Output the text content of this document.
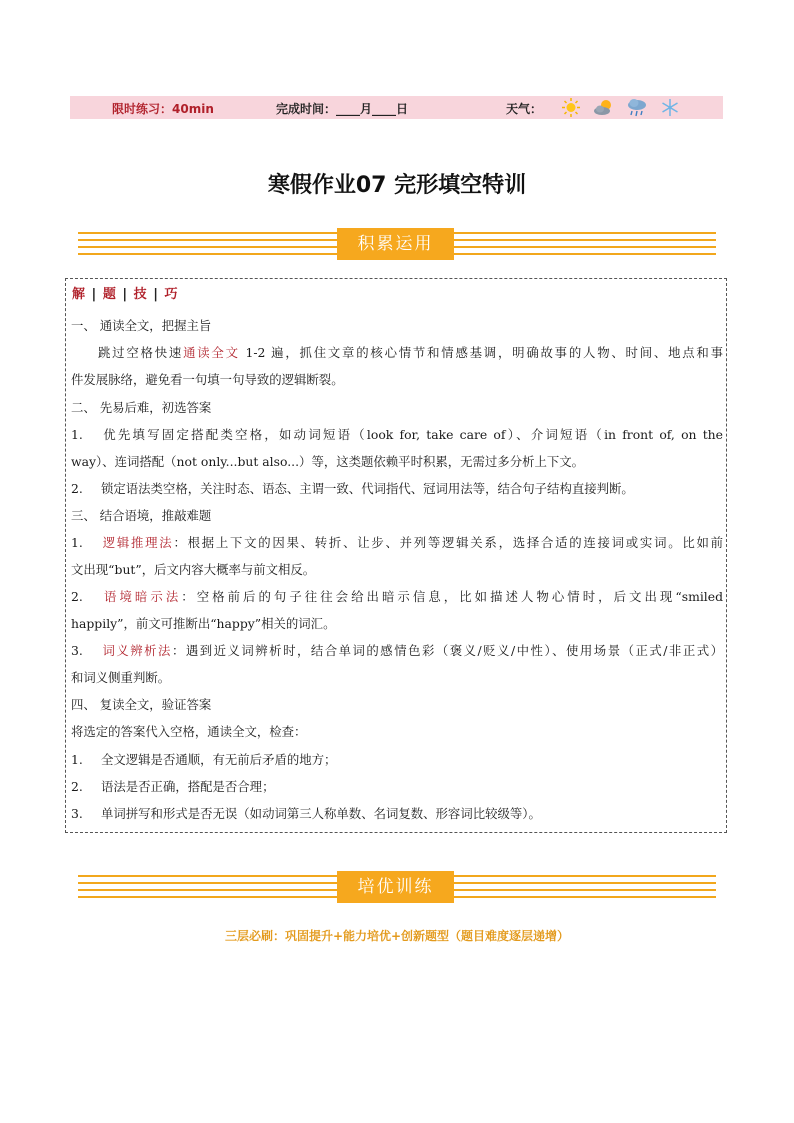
限时练习：40min	完成时间：____月____日	天气：
寒假作业07 完形填空特训
积累运用
解 | 题 | 技 | 巧
一、 通读全文，把握主旨
跳过空格快速通读全文 1-2 遍，抓住文章的核心情节和情感基调，明确故事的人物、时间、地点和事
件发展脉络，避免看一句填一句导致的逻辑断裂。
二、 先易后难，初选答案
1. 优先填写固定搭配类空格，如动词短语（look for, take care of）、介词短语（in front of, on the
way）、连词搭配（not only...but also...）等，这类题依赖平时积累，无需过多分析上下文。
2. 锁定语法类空格，关注时态、语态、主谓一致、代词指代、冠词用法等，结合句子结构直接判断。
三、 结合语境，推敲难题
1. 逻辑推理法：根据上下文的因果、转折、让步、并列等逻辑关系，选择合适的连接词或实词。比如前
文出现“but”，后文内容大概率与前文相反。
2. 语境暗示法：空格前后的句子往往会给出暗示信息，比如描述人物心情时，后文出现“smiled
happily”，前文可推断出“happy”相关的词汇。
3. 词义辨析法：遇到近义词辨析时，结合单词的感情色彩（褒义/贬义/中性）、使用场景（正式/非正式）
和词义侧重判断。
四、 复读全文，验证答案
将选定的答案代入空格，通读全文，检查：
1. 全文逻辑是否通顺，有无前后矛盾的地方；
2. 语法是否正确，搭配是否合理；
3. 单词拼写和形式是否无误（如动词第三人称单数、名词复数、形容词比较级等）。
培优训练
三层必刷：巩固提升+能力培优+创新题型（题目难度逐层递增）
